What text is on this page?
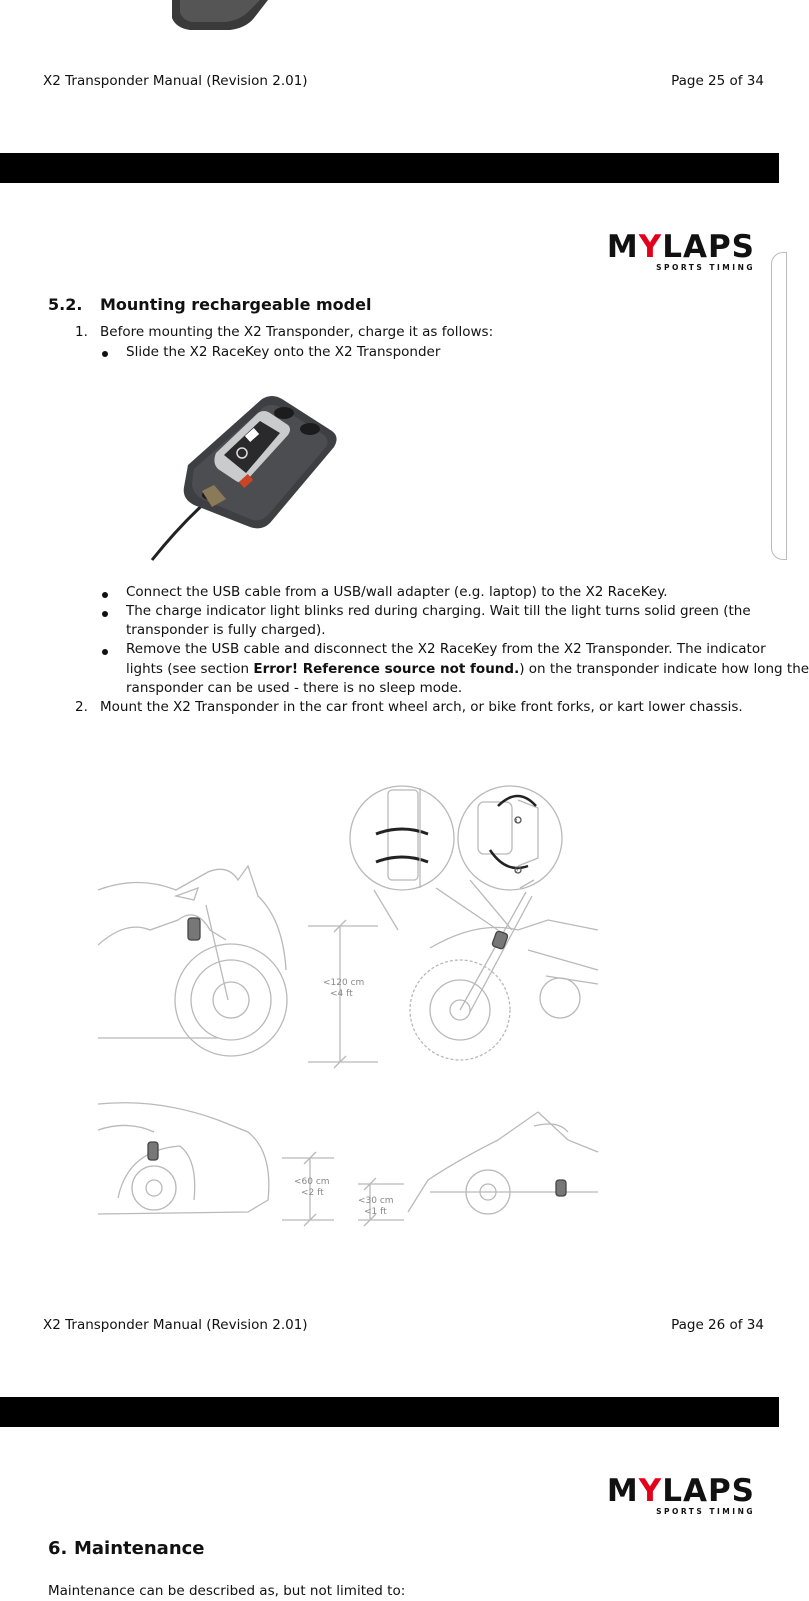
X2 Transponder Manual (Revision 2.01)	Page 25 of 34
MYLAPS
SPORTS TIMING
5.2. Mounting rechargeable model
1. Before mounting the X2 Transponder, charge it as follows:
Slide the X2 RaceKey onto the X2 Transponder
Connect the USB cable from a USB/wall adapter (e.g. laptop) to the X2 RaceKey.
The charge indicator light blinks red during charging. Wait till the light turns solid green (the
transponder is fully charged).
Remove the USB cable and disconnect the X2 RaceKey from the X2 Transponder. The indicator
lights (see section Error! Reference source not found.) on the transponder indicate how long the
ransponder can be used - there is no sleep mode.
2. Mount the X2 Transponder in the car front wheel arch, or bike front forks, or kart lower chassis.
1
2
<120 cm
<4 ft
<60 cm
<2 ft
<30 cm
<1 ft
X2 Transponder Manual (Revision 2.01)	Page 26 of 34
MYLAPS
SPORTS TIMING
6. Maintenance
Maintenance can be described as, but not limited to:
